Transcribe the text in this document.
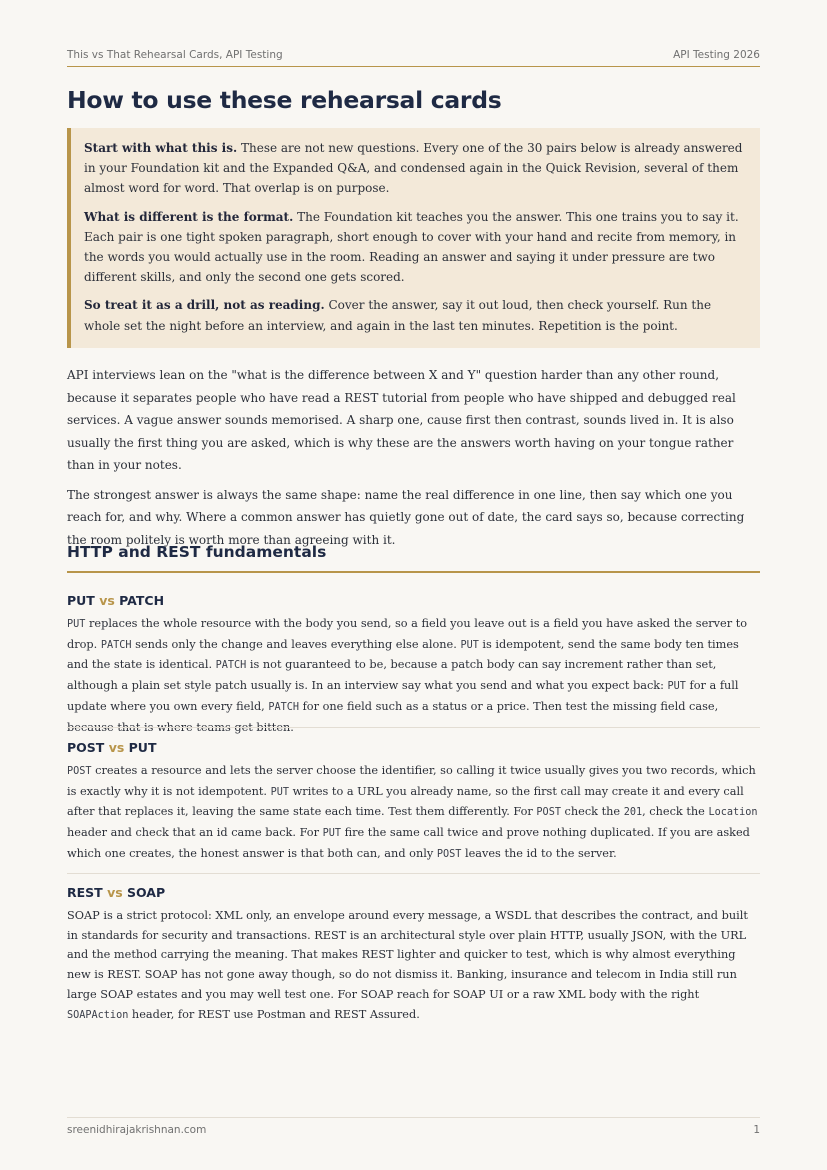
This vs That Rehearsal Cards, API Testing	API Testing 2026
How to use these rehearsal cards

Start with what this is. These are not new questions. Every one of the 30 pairs below is already answered in your Foundation kit and the Expanded Q&A, and condensed again in the Quick Revision, several of them almost word for word. That overlap is on purpose.

What is different is the format. The Foundation kit teaches you the answer. This one trains you to say it. Each pair is one tight spoken paragraph, short enough to cover with your hand and recite from memory, in the words you would actually use in the room. Reading an answer and saying it under pressure are two different skills, and only the second one gets scored.

So treat it as a drill, not as reading. Cover the answer, say it out loud, then check yourself. Run the whole set the night before an interview, and again in the last ten minutes. Repetition is the point.

API interviews lean on the "what is the difference between X and Y" question harder than any other round, because it separates people who have read a REST tutorial from people who have shipped and debugged real services. A vague answer sounds memorised. A sharp one, cause first then contrast, sounds lived in. It is also usually the first thing you are asked, which is why these are the answers worth having on your tongue rather than in your notes.

The strongest answer is always the same shape: name the real difference in one line, then say which one you reach for, and why. Where a common answer has quietly gone out of date, the card says so, because correcting the room politely is worth more than agreeing with it.

HTTP and REST fundamentals
PUT vs PATCH

PUT replaces the whole resource with the body you send, so a field you leave out is a field you have asked the server to drop. PATCH sends only the change and leaves everything else alone. PUT is idempotent, send the same body ten times and the state is identical. PATCH is not guaranteed to be, because a patch body can say increment rather than set, although a plain set style patch usually is. In an interview say what you send and what you expect back: PUT for a full update where you own every field, PATCH for one field such as a status or a price. Then test the missing field case, because that is where teams get bitten.

POST vs PUT

POST creates a resource and lets the server choose the identifier, so calling it twice usually gives you two records, which is exactly why it is not idempotent. PUT writes to a URL you already name, so the first call may create it and every call after that replaces it, leaving the same state each time. Test them differently. For POST check the 201, check the Location header and check that an id came back. For PUT fire the same call twice and prove nothing duplicated. If you are asked which one creates, the honest answer is that both can, and only POST leaves the id to the server.

REST vs SOAP

SOAP is a strict protocol: XML only, an envelope around every message, a WSDL that describes the contract, and built in standards for security and transactions. REST is an architectural style over plain HTTP, usually JSON, with the URL and the method carrying the meaning. That makes REST lighter and quicker to test, which is why almost everything new is REST. SOAP has not gone away though, so do not dismiss it. Banking, insurance and telecom in India still run large SOAP estates and you may well test one. For SOAP reach for SOAP UI or a raw XML body with the right SOAPAction header, for REST use Postman and REST Assured.

sreenidhirajakrishnan.com	1
